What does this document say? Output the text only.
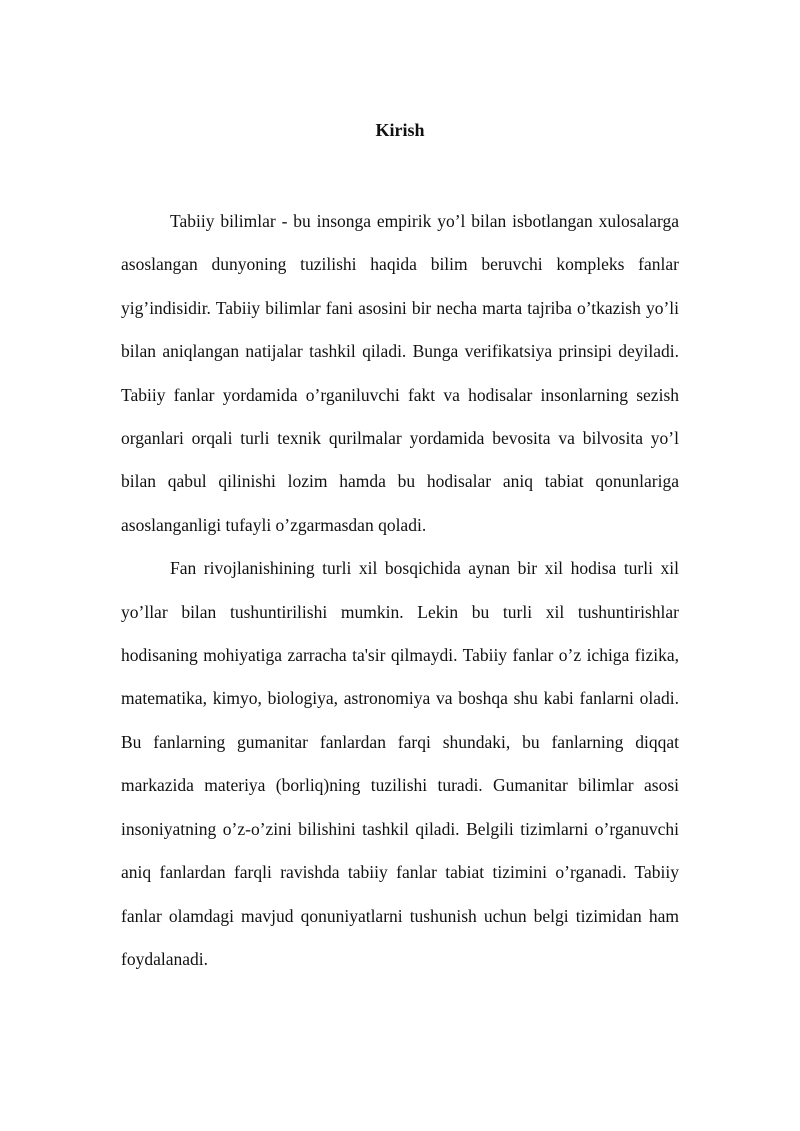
Kirish

Tabiiy bilimlar - bu insonga empirik yo’l bilan isbotlangan xulosalarga asoslangan dunyoning tuzilishi haqida bilim beruvchi kompleks fanlar yig’indisidir. Tabiiy bilimlar fani asosini bir necha marta tajriba o’tkazish yo’li bilan aniqlangan natijalar tashkil qiladi. Bunga verifikatsiya prinsipi deyiladi. Tabiiy fanlar yordamida o’rganiluvchi fakt va hodisalar insonlarning sezish organlari orqali turli texnik qurilmalar yordamida bevosita va bilvosita yo’l bilan qabul qilinishi lozim hamda bu hodisalar aniq tabiat qonunlariga asoslanganligi tufayli o’zgarmasdan qoladi.

Fan rivojlanishining turli xil bosqichida aynan bir xil hodisa turli xil yo’llar bilan tushuntirilishi mumkin. Lekin bu turli xil tushuntirishlar hodisaning mohiyatiga zarracha ta'sir qilmaydi. Tabiiy fanlar o’z ichiga fizika, matematika, kimyo, biologiya, astronomiya va boshqa shu kabi fanlarni oladi. Bu fanlarning gumanitar fanlardan farqi shundaki, bu fanlarning diqqat markazida materiya (borliq)ning tuzilishi turadi. Gumanitar bilimlar asosi insoniyatning o’z-o’zini bilishini tashkil qiladi. Belgili tizimlarni o’rganuvchi aniq fanlardan farqli ravishda tabiiy fanlar tabiat tizimini o’rganadi. Tabiiy fanlar olamdagi mavjud qonuniyatlarni tushunish uchun belgi tizimidan ham foydalanadi.
